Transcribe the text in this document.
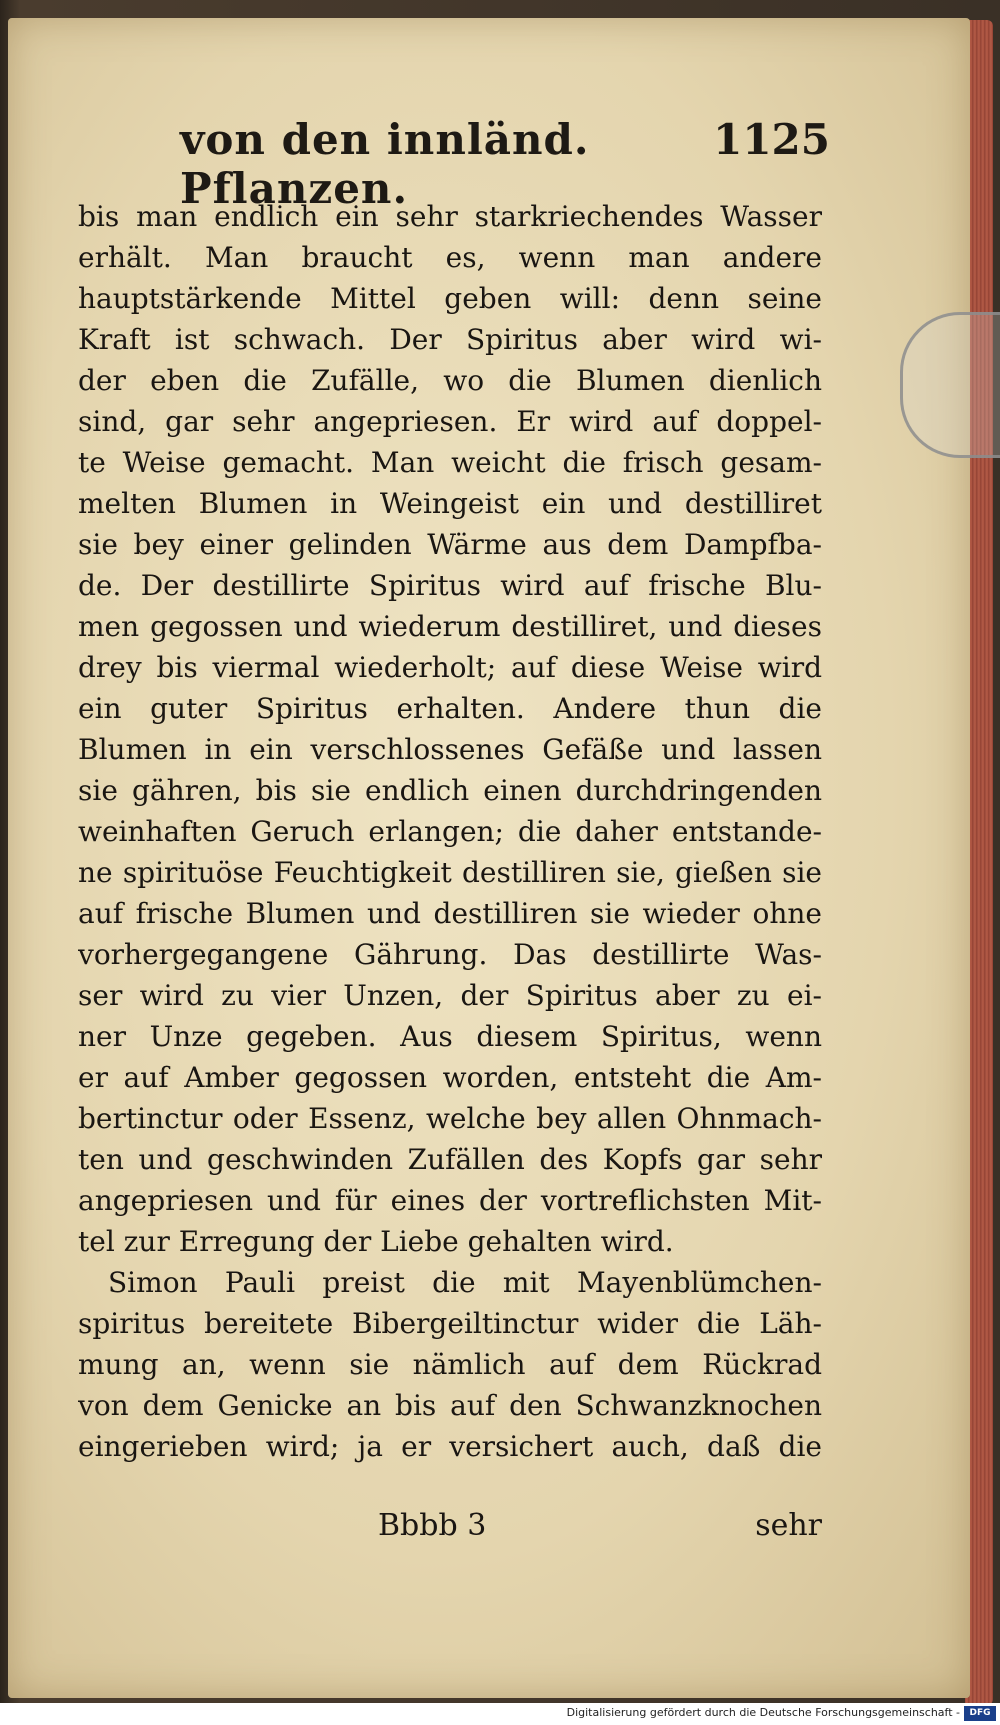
von den innländ. Pflanzen.
1125
bis man endlich ein sehr starkriechendes Wasser
erhält. Man braucht es, wenn man andere
hauptstärkende Mittel geben will: denn seine
Kraft ist schwach. Der Spiritus aber wird wi-
der eben die Zufälle, wo die Blumen dienlich
sind, gar sehr angepriesen. Er wird auf doppel-
te Weise gemacht. Man weicht die frisch gesam-
melten Blumen in Weingeist ein und destilliret
sie bey einer gelinden Wärme aus dem Dampfba-
de. Der destillirte Spiritus wird auf frische Blu-
men gegossen und wiederum destilliret, und dieses
drey bis viermal wiederholt; auf diese Weise wird
ein guter Spiritus erhalten. Andere thun die
Blumen in ein verschlossenes Gefäße und lassen
sie gähren, bis sie endlich einen durchdringenden
weinhaften Geruch erlangen; die daher entstande-
ne spirituöse Feuchtigkeit destilliren sie, gießen sie
auf frische Blumen und destilliren sie wieder ohne
vorhergegangene Gährung. Das destillirte Was-
ser wird zu vier Unzen, der Spiritus aber zu ei-
ner Unze gegeben. Aus diesem Spiritus, wenn
er auf Amber gegossen worden, entsteht die Am-
bertinctur oder Essenz, welche bey allen Ohnmach-
ten und geschwinden Zufällen des Kopfs gar sehr
angepriesen und für eines der vortreflichsten Mit-
tel zur Erregung der Liebe gehalten wird.
Simon Pauli preist die mit Mayenblümchen-
spiritus bereitete Bibergeiltinctur wider die Läh-
mung an, wenn sie nämlich auf dem Rückrad
von dem Genicke an bis auf den Schwanzknochen
eingerieben wird; ja er versichert auch, daß die
Bbbb 3	sehr
Digitalisierung gefördert durch die Deutsche Forschungsgemeinschaft -	DFG
